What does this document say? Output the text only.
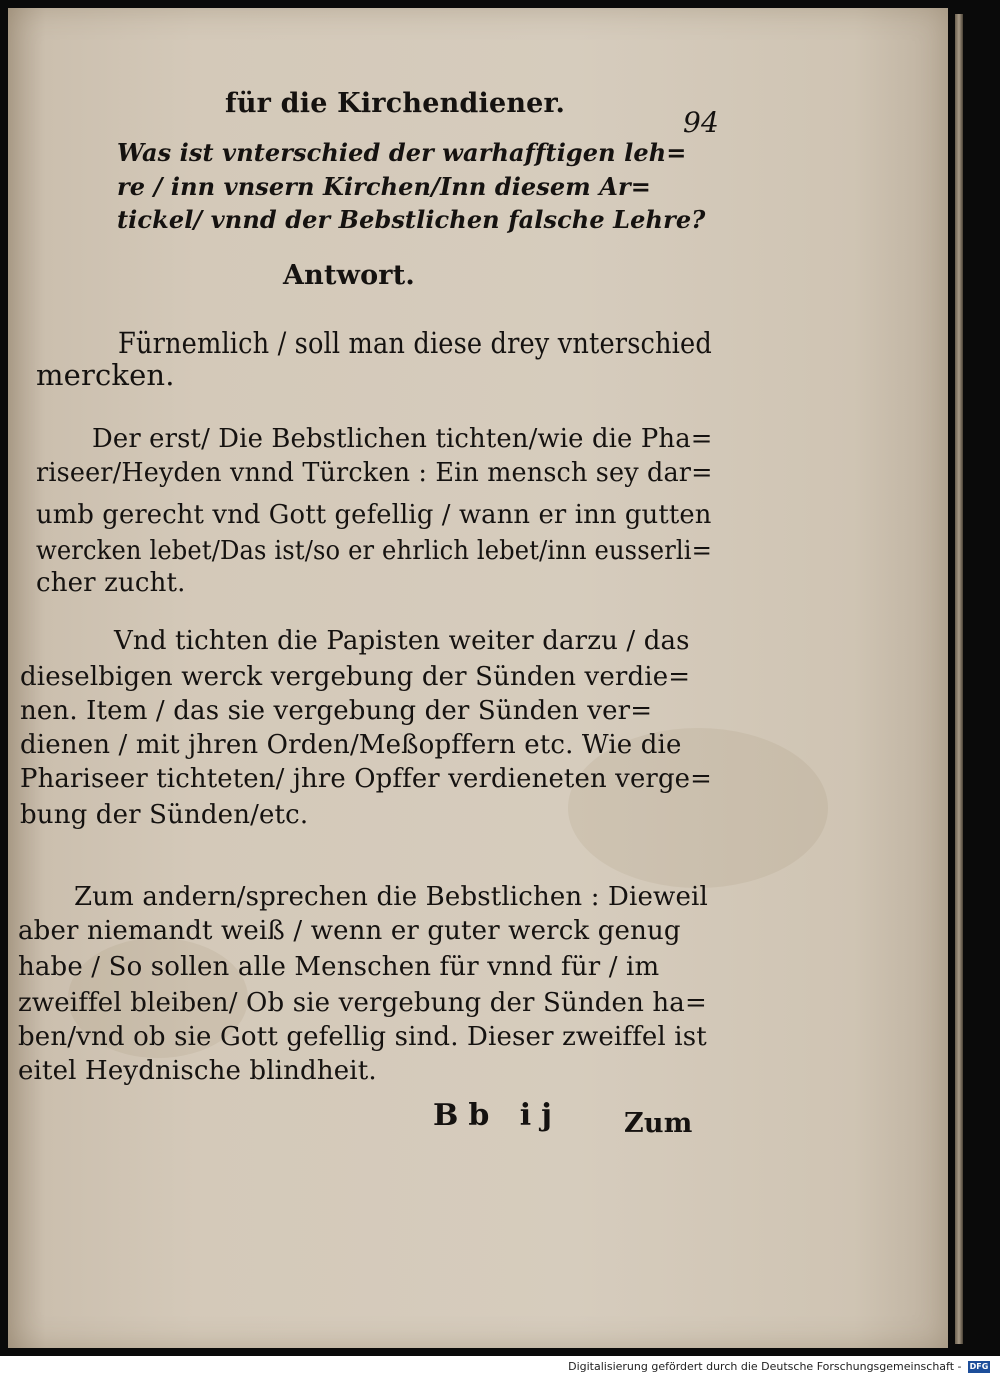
für die Kirchendiener.
94
Was ist vnterschied der warhafftigen leh=
re / inn vnsern Kirchen/Inn diesem Ar=
tickel/ vnnd der Bebstlichen falsche Lehre?
Antwort.
Fürnemlich / soll man diese drey vnterschied
mercken.
Der erst/ Die Bebstlichen tichten/wie die Pha=
riseer/Heyden vnnd Türcken : Ein mensch sey dar=
umb gerecht vnd Gott gefellig / wann er inn gutten
wercken lebet/Das ist/so er ehrlich lebet/inn eusserli=
cher zucht.
Vnd tichten die Papisten weiter darzu / das
dieselbigen werck vergebung der Sünden verdie=
nen. Item / das sie vergebung der Sünden ver=
dienen / mit jhren Orden/Meßopffern etc. Wie die
Phariseer tichteten/ jhre Opffer verdieneten verge=
bung der Sünden/etc.
Zum andern/sprechen die Bebstlichen : Dieweil
aber niemandt weiß / wenn er guter werck genug
habe / So sollen alle Menschen für vnnd für / im
zweiffel bleiben/ Ob sie vergebung der Sünden ha=
ben/vnd ob sie Gott gefellig sind. Dieser zweiffel ist
eitel Heydnische blindheit.
Bb ij Zum
Digitalisierung gefördert durch die Deutsche Forschungsgemeinschaft - DFG
